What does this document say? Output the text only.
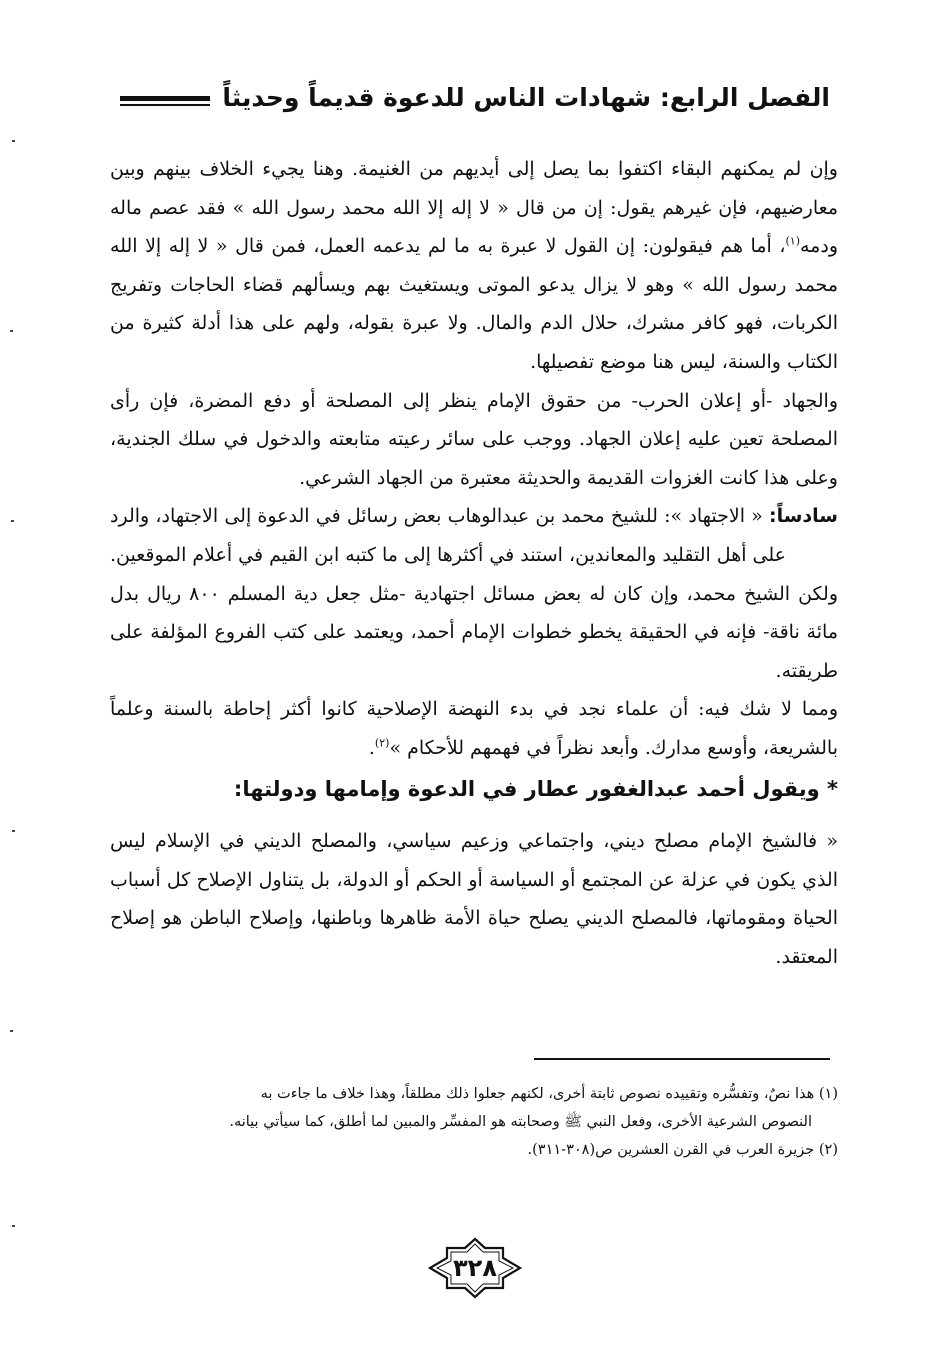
الفصل الرابع: شهادات الناس للدعوة قديماً وحديثاً

وإن لم يمكنهم البقاء اكتفوا بما يصل إلى أيديهم من الغنيمة. وهنا يجيء الخلاف بينهم وبين معارضيهم، فإن غيرهم يقول: إن من قال « لا إله إلا الله محمد رسول الله » فقد عصم ماله ودمه$^{(١)}$، أما هم فيقولون: إن القول لا عبرة به ما لم يدعمه العمل، فمن قال « لا إله إلا الله محمد رسول الله » وهو لا يزال يدعو الموتى ويستغيث بهم ويسألهم قضاء الحاجات وتفريج الكربات، فهو كافر مشرك، حلال الدم والمال. ولا عبرة بقوله، ولهم على هذا أدلة كثيرة من الكتاب والسنة، ليس هنا موضع تفصيلها.

والجهاد -أو إعلان الحرب- من حقوق الإمام ينظر إلى المصلحة أو دفع المضرة، فإن رأى المصلحة تعين عليه إعلان الجهاد. ووجب على سائر رعيته متابعته والدخول في سلك الجندية، وعلى هذا كانت الغزوات القديمة والحديثة معتبرة من الجهاد الشرعي.

سادساً: « الاجتهاد »: للشيخ محمد بن عبدالوهاب بعض رسائل في الدعوة إلى الاجتهاد، والرد على أهل التقليد والمعاندين، استند في أكثرها إلى ما كتبه ابن القيم في أعلام الموقعين.

ولكن الشيخ محمد، وإن كان له بعض مسائل اجتهادية -مثل جعل دية المسلم ٨٠٠ ريال بدل مائة ناقة- فإنه في الحقيقة يخطو خطوات الإمام أحمد، ويعتمد على كتب الفروع المؤلفة على طريقته.

ومما لا شك فيه: أن علماء نجد في بدء النهضة الإصلاحية كانوا أكثر إحاطة بالسنة وعلماً بالشريعة، وأوسع مدارك. وأبعد نظراً في فهمهم للأحكام »$^{(٢)}$.

* ويقول أحمد عبدالغفور عطار في الدعوة وإمامها ودولتها:

« فالشيخ الإمام مصلح ديني، واجتماعي وزعيم سياسي، والمصلح الديني في الإسلام ليس الذي يكون في عزلة عن المجتمع أو السياسة أو الحكم أو الدولة، بل يتناول الإصلاح كل أسباب الحياة ومقوماتها، فالمصلح الديني يصلح حياة الأمة ظاهرها وباطنها، وإصلاح الباطن هو إصلاح المعتقد.

(١) هذا نصٌ، وتفسُّره وتقييده نصوص ثابتة أخرى، لكنهم جعلوا ذلك مطلقاً، وهذا خلاف ما جاءت به

النصوص الشرعية الأخرى، وفعل النبي ﷺ وصحابته هو المفسِّر والمبين لما أطلق، كما سيأتي بيانه.

(٢) جزيرة العرب في القرن العشرين ص(٣٠٨-٣١١).

٣٢٨
